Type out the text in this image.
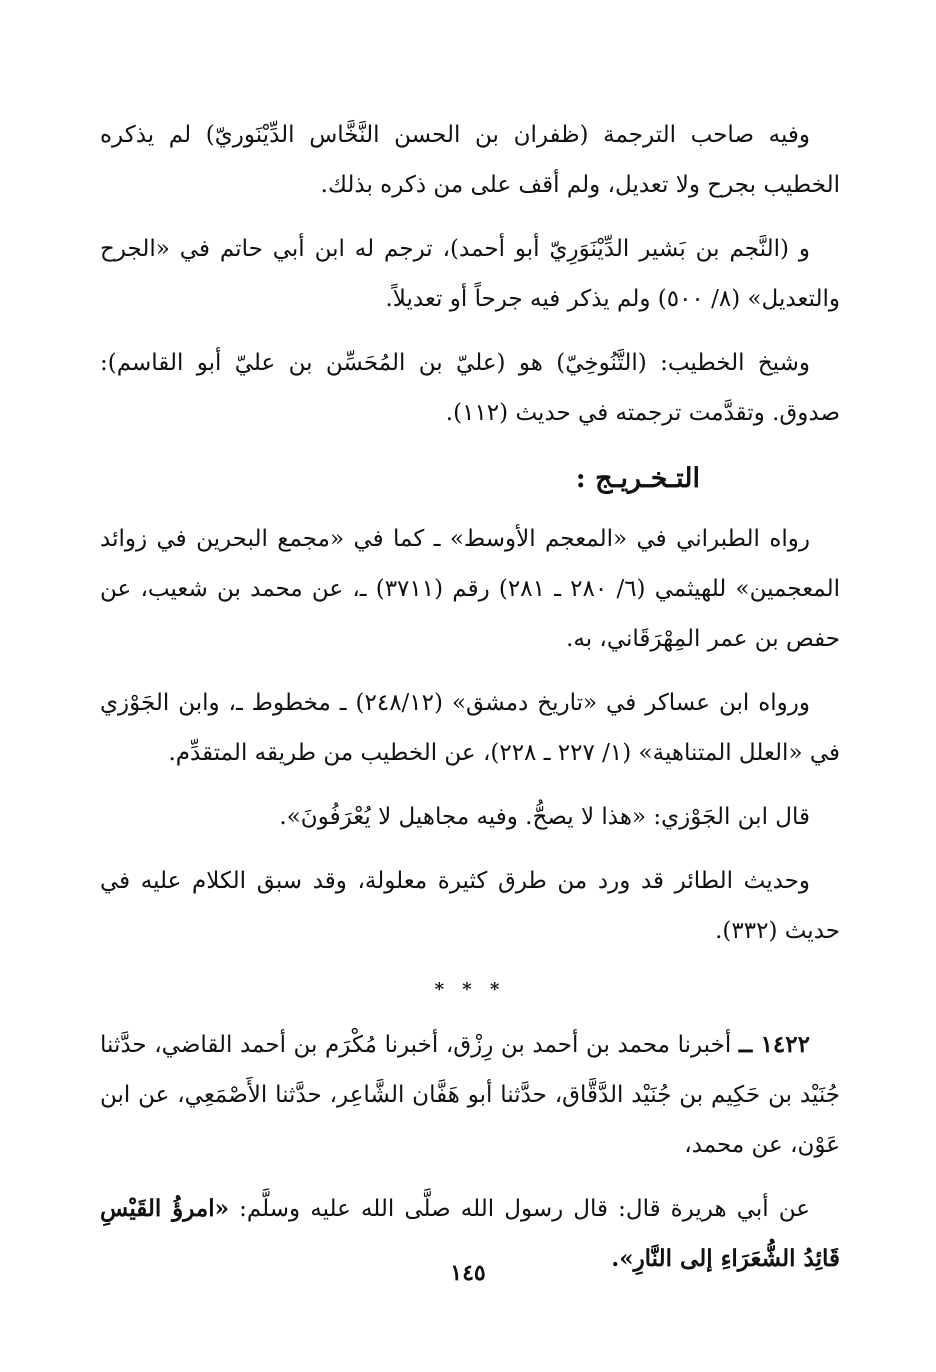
وفيه صاحب الترجمة (ظفران بن الحسن النَّخَّاس الدِّيْنَوريّ) لم يذكره الخطيب بجرح ولا تعديل، ولم أقف على من ذكره بذلك.

و (النَّجم بن بَشير الدِّيْنَوَرِيّ أبو أحمد)، ترجم له ابن أبي حاتم في «الجرح والتعديل» (٨/ ٥٠٠) ولم يذكر فيه جرحاً أو تعديلاً.

وشيخ الخطيب: (التَّنُوخِيّ) هو (عليّ بن المُحَسِّن بن عليّ أبو القاسم): صدوق. وتقدَّمت ترجمته في حديث (١١٢).

التـخـريـج :

رواه الطبراني في «المعجم الأوسط» ـ كما في «مجمع البحرين في زوائد المعجمين» للهيثمي (٦/ ٢٨٠ ـ ٢٨١) رقم (٣٧١١) ـ، عن محمد بن شعيب، عن حفص بن عمر المِهْرَقَاني، به.

ورواه ابن عساكر في «تاريخ دمشق» (٢٤٨/١٢) ـ مخطوط ـ، وابن الجَوْزي في «العلل المتناهية» (١/ ٢٢٧ ـ ٢٢٨)، عن الخطيب من طريقه المتقدِّم.

قال ابن الجَوْزي: «هذا لا يصحُّ. وفيه مجاهيل لا يُعْرَفُونَ».

وحديث الطائر قد ورد من طرق كثيرة معلولة، وقد سبق الكلام عليه في حديث (٣٣٢).

* * *

١٤٢٢ ــ أخبرنا محمد بن أحمد بن رِزْق، أخبرنا مُكْرَم بن أحمد القاضي، حدَّثنا جُنَيْد بن حَكِيم بن جُنَيْد الدَّقَّاق، حدَّثنا أبو هَفَّان الشَّاعِر، حدَّثنا الأَصْمَعِي، عن ابن عَوْن، عن محمد،

عن أبي هريرة قال: قال رسول الله صلَّى الله عليه وسلَّم: «امرؤُ القَيْسِ قَائِدُ الشُّعَرَاءِ إلى النَّارِ».

١٤٥
